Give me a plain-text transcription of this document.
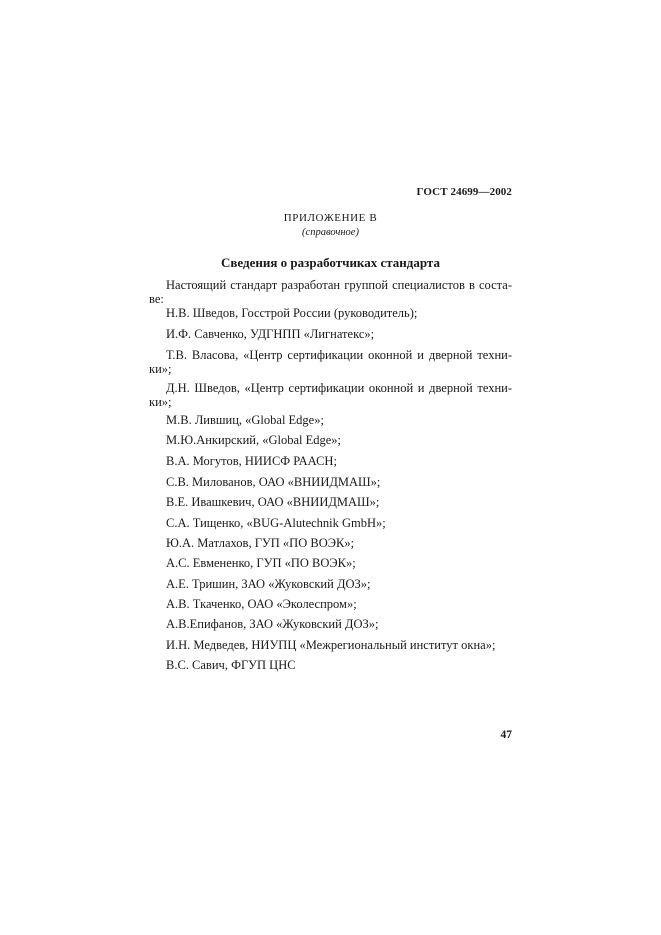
ГОСТ 24699—2002
ПРИЛОЖЕНИЕ В
(справочное)
Сведения о разработчиках стандарта
Настоящий стандарт разработан группой специалистов в соста-
ве:
Н.В. Шведов, Госстрой России (руководитель);
И.Ф. Савченко, УДГНПП «Лигнатекс»;
Т.В. Власова, «Центр сертификации оконной и дверной техни-
ки»;
Д.Н. Шведов, «Центр сертификации оконной и дверной техни-
ки»;
М.В. Лившиц, «Global Edge»;
М.Ю.Анкирский, «Global Edge»;
В.А. Могутов, НИИСФ РААСН;
С.В. Милованов, ОАО «ВНИИДМАШ»;
В.Е. Ивашкевич, ОАО «ВНИИДМАШ»;
С.А. Тищенко, «BUG-Alutechnik GmbH»;
Ю.А. Матлахов, ГУП «ПО ВОЭК»;
А.С. Евмененко, ГУП «ПО ВОЭК»;
А.Е. Тришин, ЗАО «Жуковский ДОЗ»;
А.В. Ткаченко, ОАО «Эколеспром»;
А.В.Епифанов, ЗАО «Жуковский ДОЗ»;
И.Н. Медведев, НИУПЦ «Межрегиональный институт окна»;
В.С. Савич, ФГУП ЦНС
47
